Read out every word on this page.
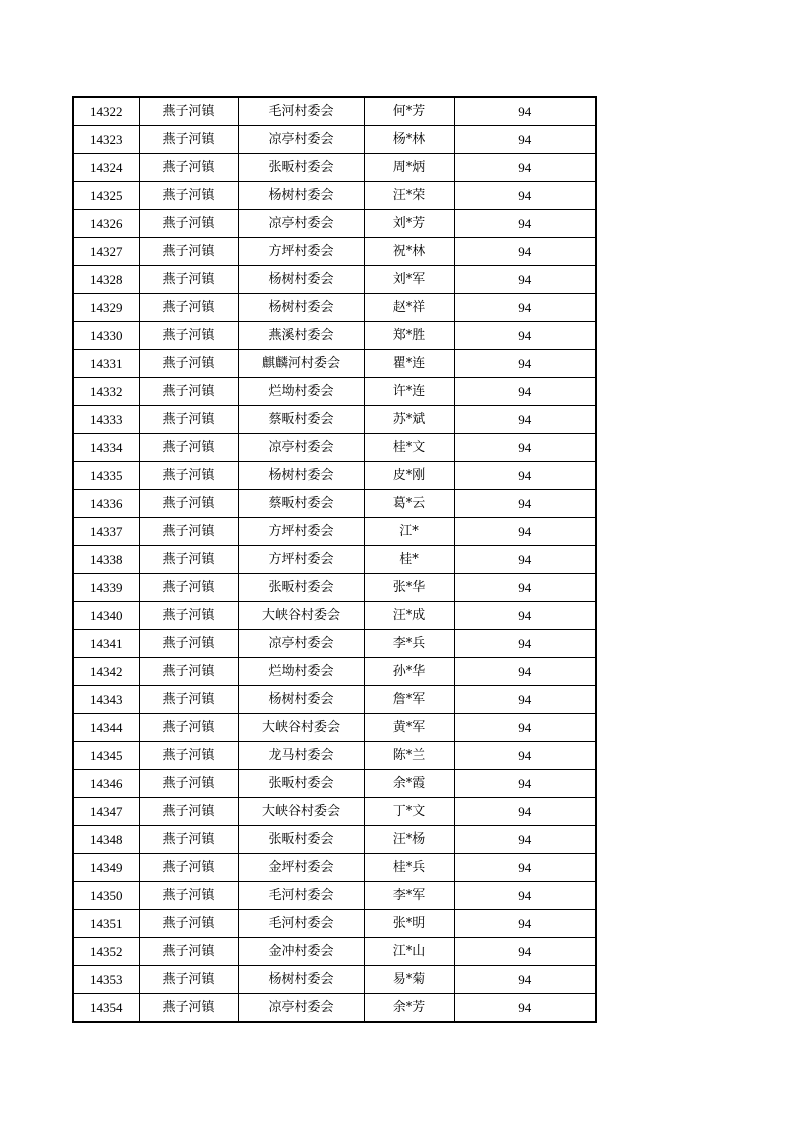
14322	燕子河镇	毛河村委会	何*芳	94
14323	燕子河镇	凉亭村委会	杨*林	94
14324	燕子河镇	张畈村委会	周*炳	94
14325	燕子河镇	杨树村委会	汪*荣	94
14326	燕子河镇	凉亭村委会	刘*芳	94
14327	燕子河镇	方坪村委会	祝*林	94
14328	燕子河镇	杨树村委会	刘*军	94
14329	燕子河镇	杨树村委会	赵*祥	94
14330	燕子河镇	燕溪村委会	郑*胜	94
14331	燕子河镇	麒麟河村委会	瞿*连	94
14332	燕子河镇	烂坳村委会	许*连	94
14333	燕子河镇	蔡畈村委会	苏*斌	94
14334	燕子河镇	凉亭村委会	桂*文	94
14335	燕子河镇	杨树村委会	皮*刚	94
14336	燕子河镇	蔡畈村委会	葛*云	94
14337	燕子河镇	方坪村委会	江*	94
14338	燕子河镇	方坪村委会	桂*	94
14339	燕子河镇	张畈村委会	张*华	94
14340	燕子河镇	大峡谷村委会	汪*成	94
14341	燕子河镇	凉亭村委会	李*兵	94
14342	燕子河镇	烂坳村委会	孙*华	94
14343	燕子河镇	杨树村委会	詹*军	94
14344	燕子河镇	大峡谷村委会	黄*军	94
14345	燕子河镇	龙马村委会	陈*兰	94
14346	燕子河镇	张畈村委会	余*霞	94
14347	燕子河镇	大峡谷村委会	丁*文	94
14348	燕子河镇	张畈村委会	汪*杨	94
14349	燕子河镇	金坪村委会	桂*兵	94
14350	燕子河镇	毛河村委会	李*军	94
14351	燕子河镇	毛河村委会	张*明	94
14352	燕子河镇	金冲村委会	江*山	94
14353	燕子河镇	杨树村委会	易*菊	94
14354	燕子河镇	凉亭村委会	余*芳	94
